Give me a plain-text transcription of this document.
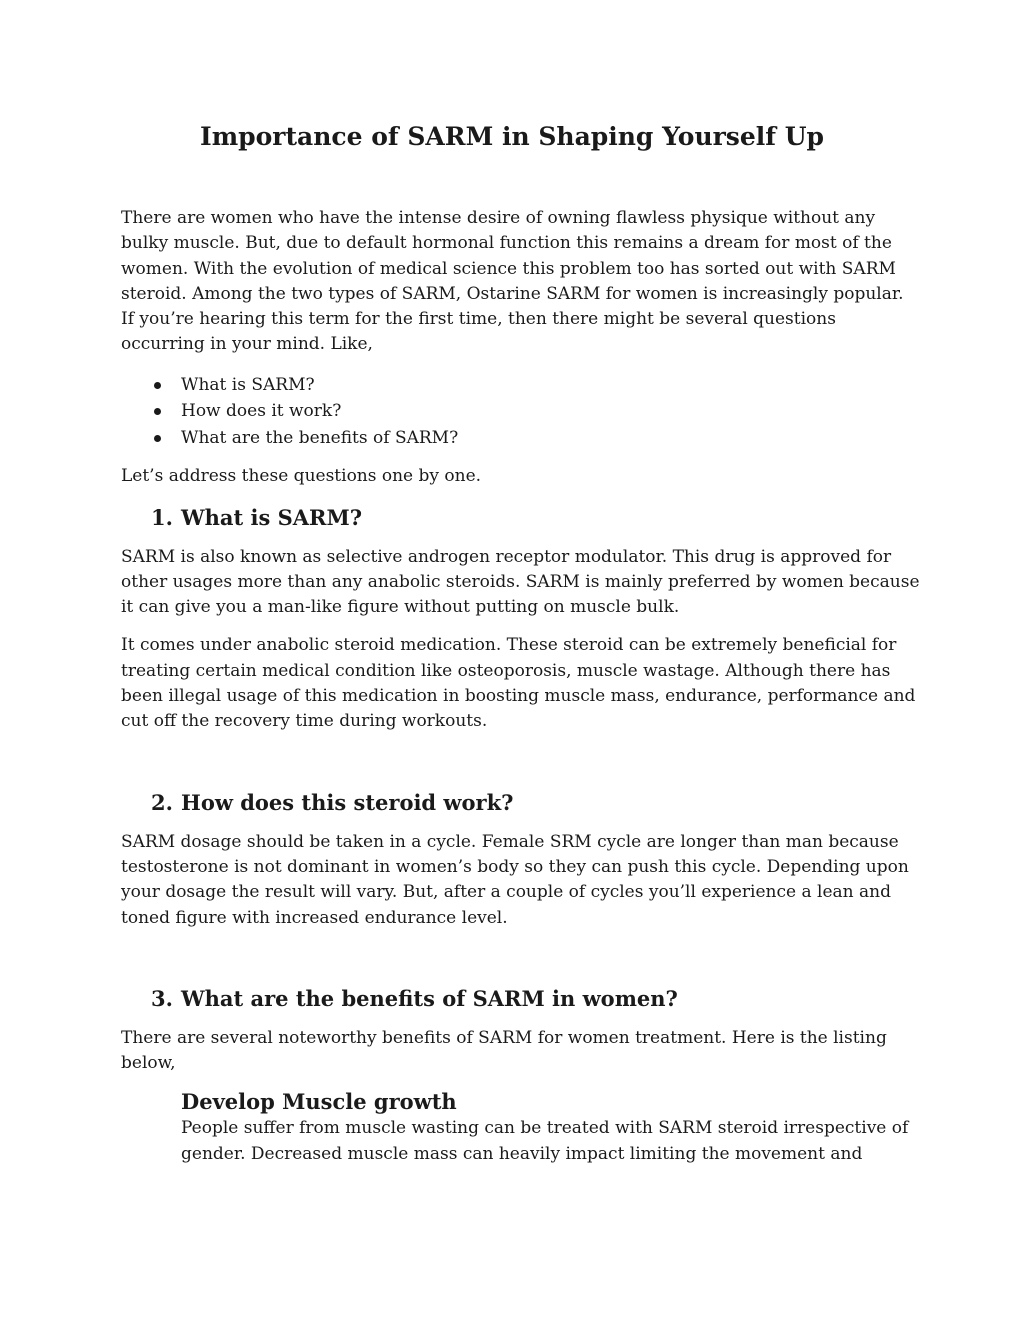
Importance of SARM in Shaping Yourself Up

There are women who have the intense desire of owning flawless physique without any bulky muscle. But, due to default hormonal function this remains a dream for most of the women. With the evolution of medical science this problem too has sorted out with SARM steroid. Among the two types of SARM, Ostarine SARM for women is increasingly popular. If you’re hearing this term for the first time, then there might be several questions occurring in your mind. Like,

What is SARM?
How does it work?
What are the benefits of SARM?

Let’s address these questions one by one.

1. What is SARM?

SARM is also known as selective androgen receptor modulator. This drug is approved for other usages more than any anabolic steroids. SARM is mainly preferred by women because it can give you a man-like figure without putting on muscle bulk.

It comes under anabolic steroid medication. These steroid can be extremely beneficial for treating certain medical condition like osteoporosis, muscle wastage. Although there has been illegal usage of this medication in boosting muscle mass, endurance, performance and cut off the recovery time during workouts.

2. How does this steroid work?

SARM dosage should be taken in a cycle. Female SRM cycle are longer than man because testosterone is not dominant in women’s body so they can push this cycle. Depending upon your dosage the result will vary. But, after a couple of cycles you’ll experience a lean and toned figure with increased endurance level.

3. What are the benefits of SARM in women?

There are several noteworthy benefits of SARM for women treatment. Here is the listing below,

Develop Muscle growth

People suffer from muscle wasting can be treated with SARM steroid irrespective of gender. Decreased muscle mass can heavily impact limiting the movement and
